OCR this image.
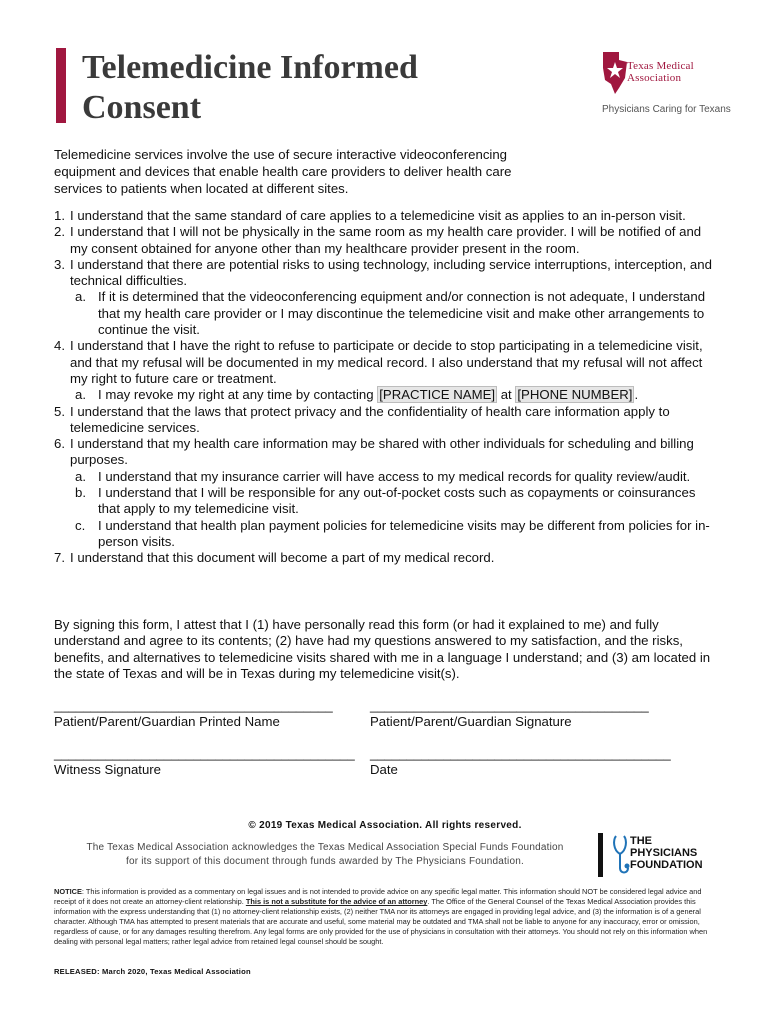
Telemedicine Informed
Consent
Texas Medical
Association
Physicians Caring for Texans

Telemedicine services involve the use of secure interactive videoconferencing equipment and devices that enable health care providers to deliver health care services to patients when located at different sites.

1. I understand that the same standard of care applies to a telemedicine visit as applies to an in-person visit.
2. I understand that I will not be physically in the same room as my health care provider. I will be notified of and my consent obtained for anyone other than my healthcare provider present in the room.
3. I understand that there are potential risks to using technology, including service interruptions, interception, and technical difficulties.
a. If it is determined that the videoconferencing equipment and/or connection is not adequate, I understand that my health care provider or I may discontinue the telemedicine visit and make other arrangements to continue the visit.
4. I understand that I have the right to refuse to participate or decide to stop participating in a telemedicine visit, and that my refusal will be documented in my medical record. I also understand that my refusal will not affect my right to future care or treatment.
a. I may revoke my right at any time by contacting [PRACTICE NAME] at [PHONE NUMBER] .
5. I understand that the laws that protect privacy and the confidentiality of health care information apply to telemedicine services.
6. I understand that my health care information may be shared with other individuals for scheduling and billing purposes.
a. I understand that my insurance carrier will have access to my medical records for quality review/audit.
b. I understand that I will be responsible for any out-of-pocket costs such as copayments or coinsurances that apply to my telemedicine visit.
c. I understand that health plan payment policies for telemedicine visits may be different from policies for in-person visits.
7. I understand that this document will become a part of my medical record.

By signing this form, I attest that I (1) have personally read this form (or had it explained to me) and fully understand and agree to its contents; (2) have had my questions answered to my satisfaction, and the risks, benefits, and alternatives to telemedicine visits shared with me in a language I understand; and (3) am located in the state of Texas and will be in Texas during my telemedicine visit(s).

______________________________________
Patient/Parent/Guardian Printed Name
______________________________________
Patient/Parent/Guardian Signature
_________________________________________
Witness Signature
_________________________________________
Date
© 2019 Texas Medical Association. All rights reserved.
The Texas Medical Association acknowledges the Texas Medical Association Special Funds Foundation
for its support of this document through funds awarded by The Physicians Foundation.
THE
PHYSICIANS
FOUNDATION

NOTICE: This information is provided as a commentary on legal issues and is not intended to provide advice on any specific legal matter. This information should NOT be considered legal advice and receipt of it does not create an attorney-client relationship. This is not a substitute for the advice of an attorney. The Office of the General Counsel of the Texas Medical Association provides this information with the express understanding that (1) no attorney-client relationship exists, (2) neither TMA nor its attorneys are engaged in providing legal advice, and (3) the information is of a general character. Although TMA has attempted to present materials that are accurate and useful, some material may be outdated and TMA shall not be liable to anyone for any inaccuracy, error or omission, regardless of cause, or for any damages resulting therefrom. Any legal forms are only provided for the use of physicians in consultation with their attorneys. You should not rely on this information when dealing with personal legal matters; rather legal advice from retained legal counsel should be sought.

RELEASED: March 2020, Texas Medical Association
